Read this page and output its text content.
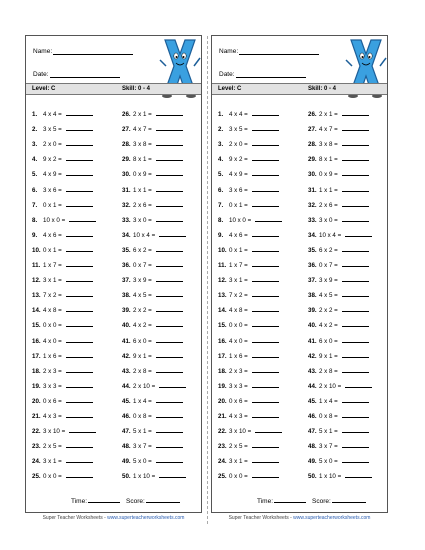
Name:
Date:
Level: C	Skill: 0 - 4
Time:	Score:
1. 4 x 4 =
2. 3 x 5 =
3. 2 x 0 =
4. 9 x 2 =
5. 4 x 9 =
6. 3 x 6 =
7. 0 x 1 =
8. 10 x 0 =
9. 4 x 6 =
10. 0 x 1 =
11. 1 x 7 =
12. 3 x 1 =
13. 7 x 2 =
14. 4 x 8 =
15. 0 x 0 =
16. 4 x 0 =
17. 1 x 6 =
18. 2 x 3 =
19. 3 x 3 =
20. 0 x 6 =
21. 4 x 3 =
22. 3 x 10 =
23. 2 x 5 =
24. 3 x 1 =
25. 0 x 0 =
26. 2 x 1 =
27. 4 x 7 =
28. 3 x 8 =
29. 8 x 1 =
30. 0 x 9 =
31. 1 x 1 =
32. 2 x 6 =
33. 3 x 0 =
34. 10 x 4 =
35. 6 x 2 =
36. 0 x 7 =
37. 3 x 9 =
38. 4 x 5 =
39. 2 x 2 =
40. 4 x 2 =
41. 6 x 0 =
42. 9 x 1 =
43. 2 x 8 =
44. 2 x 10 =
45. 1 x 4 =
46. 0 x 8 =
47. 5 x 1 =
48. 3 x 7 =
49. 5 x 0 =
50. 1 x 10 =
Super Teacher Worksheets - www.superteacherworksheets.com
Name:
Date:
Level: C	Skill: 0 - 4
Time:	Score:
1. 4 x 4 =
2. 3 x 5 =
3. 2 x 0 =
4. 9 x 2 =
5. 4 x 9 =
6. 3 x 6 =
7. 0 x 1 =
8. 10 x 0 =
9. 4 x 6 =
10. 0 x 1 =
11. 1 x 7 =
12. 3 x 1 =
13. 7 x 2 =
14. 4 x 8 =
15. 0 x 0 =
16. 4 x 0 =
17. 1 x 6 =
18. 2 x 3 =
19. 3 x 3 =
20. 0 x 6 =
21. 4 x 3 =
22. 3 x 10 =
23. 2 x 5 =
24. 3 x 1 =
25. 0 x 0 =
26. 2 x 1 =
27. 4 x 7 =
28. 3 x 8 =
29. 8 x 1 =
30. 0 x 9 =
31. 1 x 1 =
32. 2 x 6 =
33. 3 x 0 =
34. 10 x 4 =
35. 6 x 2 =
36. 0 x 7 =
37. 3 x 9 =
38. 4 x 5 =
39. 2 x 2 =
40. 4 x 2 =
41. 6 x 0 =
42. 9 x 1 =
43. 2 x 8 =
44. 2 x 10 =
45. 1 x 4 =
46. 0 x 8 =
47. 5 x 1 =
48. 3 x 7 =
49. 5 x 0 =
50. 1 x 10 =
Super Teacher Worksheets - www.superteacherworksheets.com
